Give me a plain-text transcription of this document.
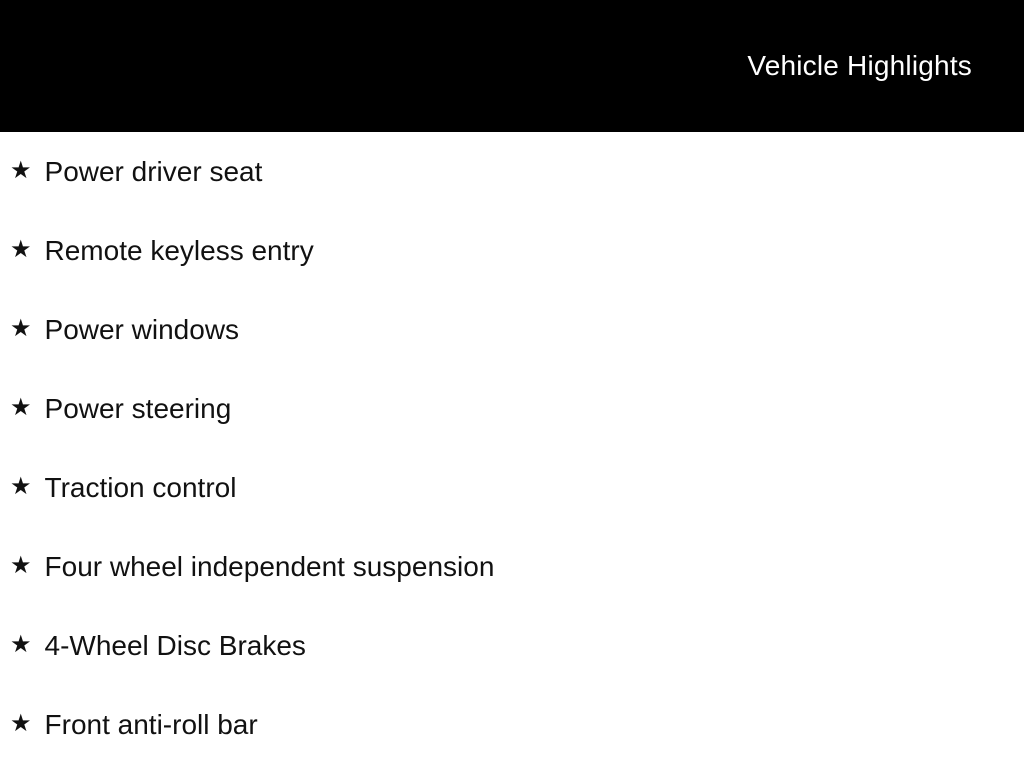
Vehicle Highlights
★ Power driver seat
★ Remote keyless entry
★ Power windows
★ Power steering
★ Traction control
★ Four wheel independent suspension
★ 4-Wheel Disc Brakes
★ Front anti-roll bar
